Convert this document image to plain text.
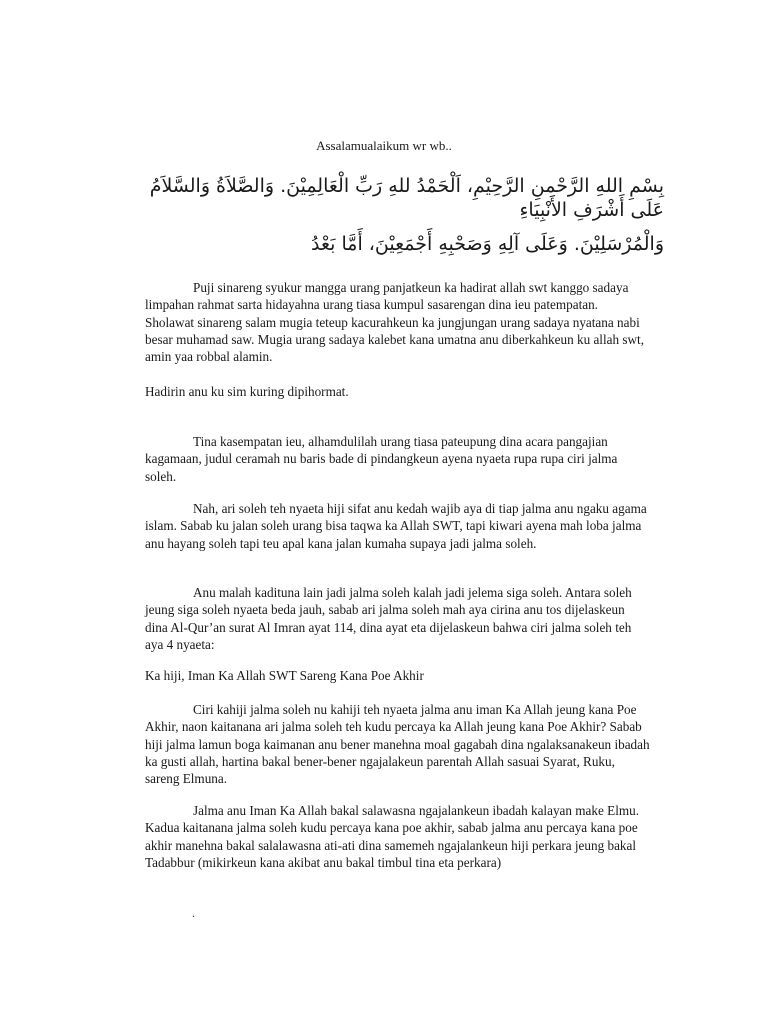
Assalamualaikum wr wb..
بِسْمِ اللهِ الرَّحْمنِ الرَّحِيْمِ، اَلْحَمْدُ للهِ رَبِّ الْعَالِمِيْنَ. وَالصَّلاَةُ وَالسَّلاَمُ عَلَى أَشْرَفِ الأَنْبِيَاءِ
وَالْمُرْسَلِيْنَ. وَعَلَى آلِهِ وَصَحْبِهِ أَجْمَعِيْنَ، أَمَّا بَعْدُ

Puji sinareng syukur mangga urang panjatkeun ka hadirat allah swt kanggo sadaya limpahan rahmat sarta hidayahna urang tiasa kumpul sasarengan dina ieu patempatan. Sholawat sinareng salam mugia teteup kacurahkeun ka jungjungan urang sadaya nyatana nabi besar muhamad saw. Mugia urang sadaya kalebet kana umatna anu diberkahkeun ku allah swt, amin yaa robbal alamin.

Hadirin anu ku sim kuring dipihormat.

Tina kasempatan ieu, alhamdulilah urang tiasa pateupung dina acara pangajian kagamaan, judul ceramah nu baris bade di pindangkeun ayena nyaeta rupa rupa ciri jalma soleh.

Nah, ari soleh teh nyaeta hiji sifat anu kedah wajib aya di tiap jalma anu ngaku agama islam. Sabab ku jalan soleh urang bisa taqwa ka Allah SWT, tapi kiwari ayena mah loba jalma anu hayang soleh tapi teu apal kana jalan kumaha supaya jadi jalma soleh.

Anu malah kadituna lain jadi jalma soleh kalah jadi jelema siga soleh. Antara soleh jeung siga soleh nyaeta beda jauh, sabab ari jalma soleh mah aya cirina anu tos dijelaskeun dina Al-Qur’an surat Al Imran ayat 114, dina ayat eta dijelaskeun bahwa ciri jalma soleh teh aya 4 nyaeta:

Ka hiji, Iman Ka Allah SWT Sareng Kana Poe Akhir

Ciri kahiji jalma soleh nu kahiji teh nyaeta jalma anu iman Ka Allah jeung kana Poe Akhir, naon kaitanana ari jalma soleh teh kudu percaya ka Allah jeung kana Poe Akhir? Sabab hiji jalma lamun boga kaimanan anu bener manehna moal gagabah dina ngalaksanakeun ibadah ka gusti allah, hartina bakal bener-bener ngajalakeun parentah Allah sasuai Syarat, Ruku, sareng Elmuna.

Jalma anu Iman Ka Allah bakal salawasna ngajalankeun ibadah kalayan make Elmu. Kadua kaitanana jalma soleh kudu percaya kana poe akhir, sabab jalma anu percaya kana poe akhir manehna bakal salalawasna ati-ati dina samemeh ngajalankeun hiji perkara jeung bakal Tadabbur (mikirkeun kana akibat anu bakal timbul tina eta perkara)

.
